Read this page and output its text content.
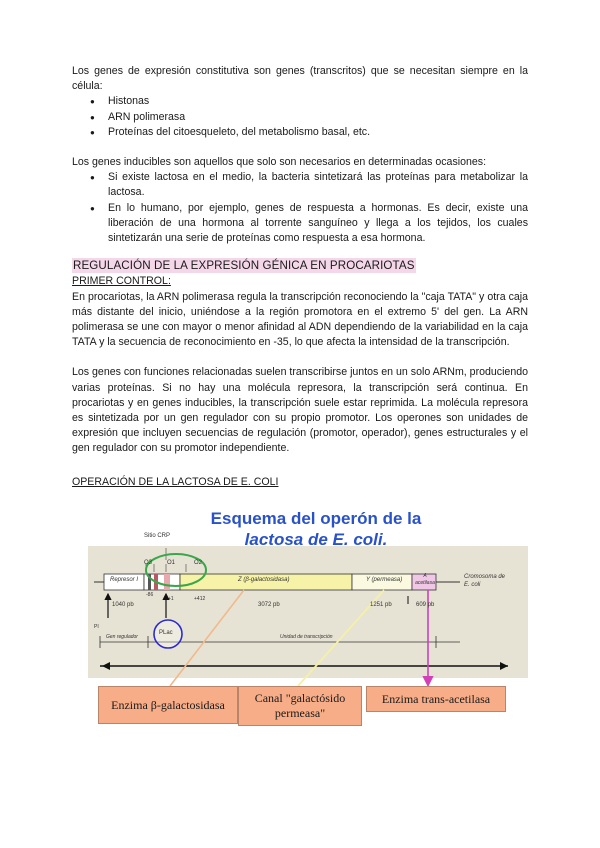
Los genes de expresión constitutiva son genes (transcritos) que se necesitan siempre en la célula:

● Histonas
● ARN polimerasa
● Proteínas del citoesqueleto, del metabolismo basal, etc.

Los genes inducibles son aquellos que solo son necesarios en determinadas ocasiones:

● Si existe lactosa en el medio, la bacteria sintetizará las proteínas para metabolizar la lactosa.
● En lo humano, por ejemplo, genes de respuesta a hormonas. Es decir, existe una liberación de una hormona al torrente sanguíneo y llega a los tejidos, los cuales sintetizarán una serie de proteínas como respuesta a esa hormona.
REGULACIÓN DE LA EXPRESIÓN GÉNICA EN PROCARIOTAS

PRIMER CONTROL:

En procariotas, la ARN polimerasa regula la transcripción reconociendo la "caja TATA" y otra caja más distante del inicio, uniéndose a la región promotora en el extremo 5' del gen. La ARN polimerasa se une con mayor o menor afinidad al ADN dependiendo de la variabilidad en la caja TATA y la secuencia de reconocimiento en -35, lo que afecta la intensidad de la transcripción.

Los genes con funciones relacionadas suelen transcribirse juntos en un solo ARNm, produciendo varias proteínas. Si no hay una molécula represora, la transcripción será continua. En procariotas y en genes inducibles, la transcripción suele estar reprimida. La molécula represora es sintetizada por un gen regulador con su propio promotor. Los operones son unidades de expresión que incluyen secuencias de regulación (promotor, operador), genes estructurales y el gen regulador con su promotor independiente.

OPERACIÓN DE LA LACTOSA DE E. COLI

Esquema del operón de la
lactosa de E. coli.
Sitio CRP
O3 O1	O2
Represor I	Z (β-galactosidasa)	Y (permeasa)
A acetilasa
Cromosoma de E. coli
1040 pb
-86
+1	+412
3072 pb	1251 pb	609 pb
PI
PLac
Gen regulador	Unidad de transcripción
Enzima β-galactosidasa	Canal "galactósido permeasa"
Enzima trans-acetilasa
